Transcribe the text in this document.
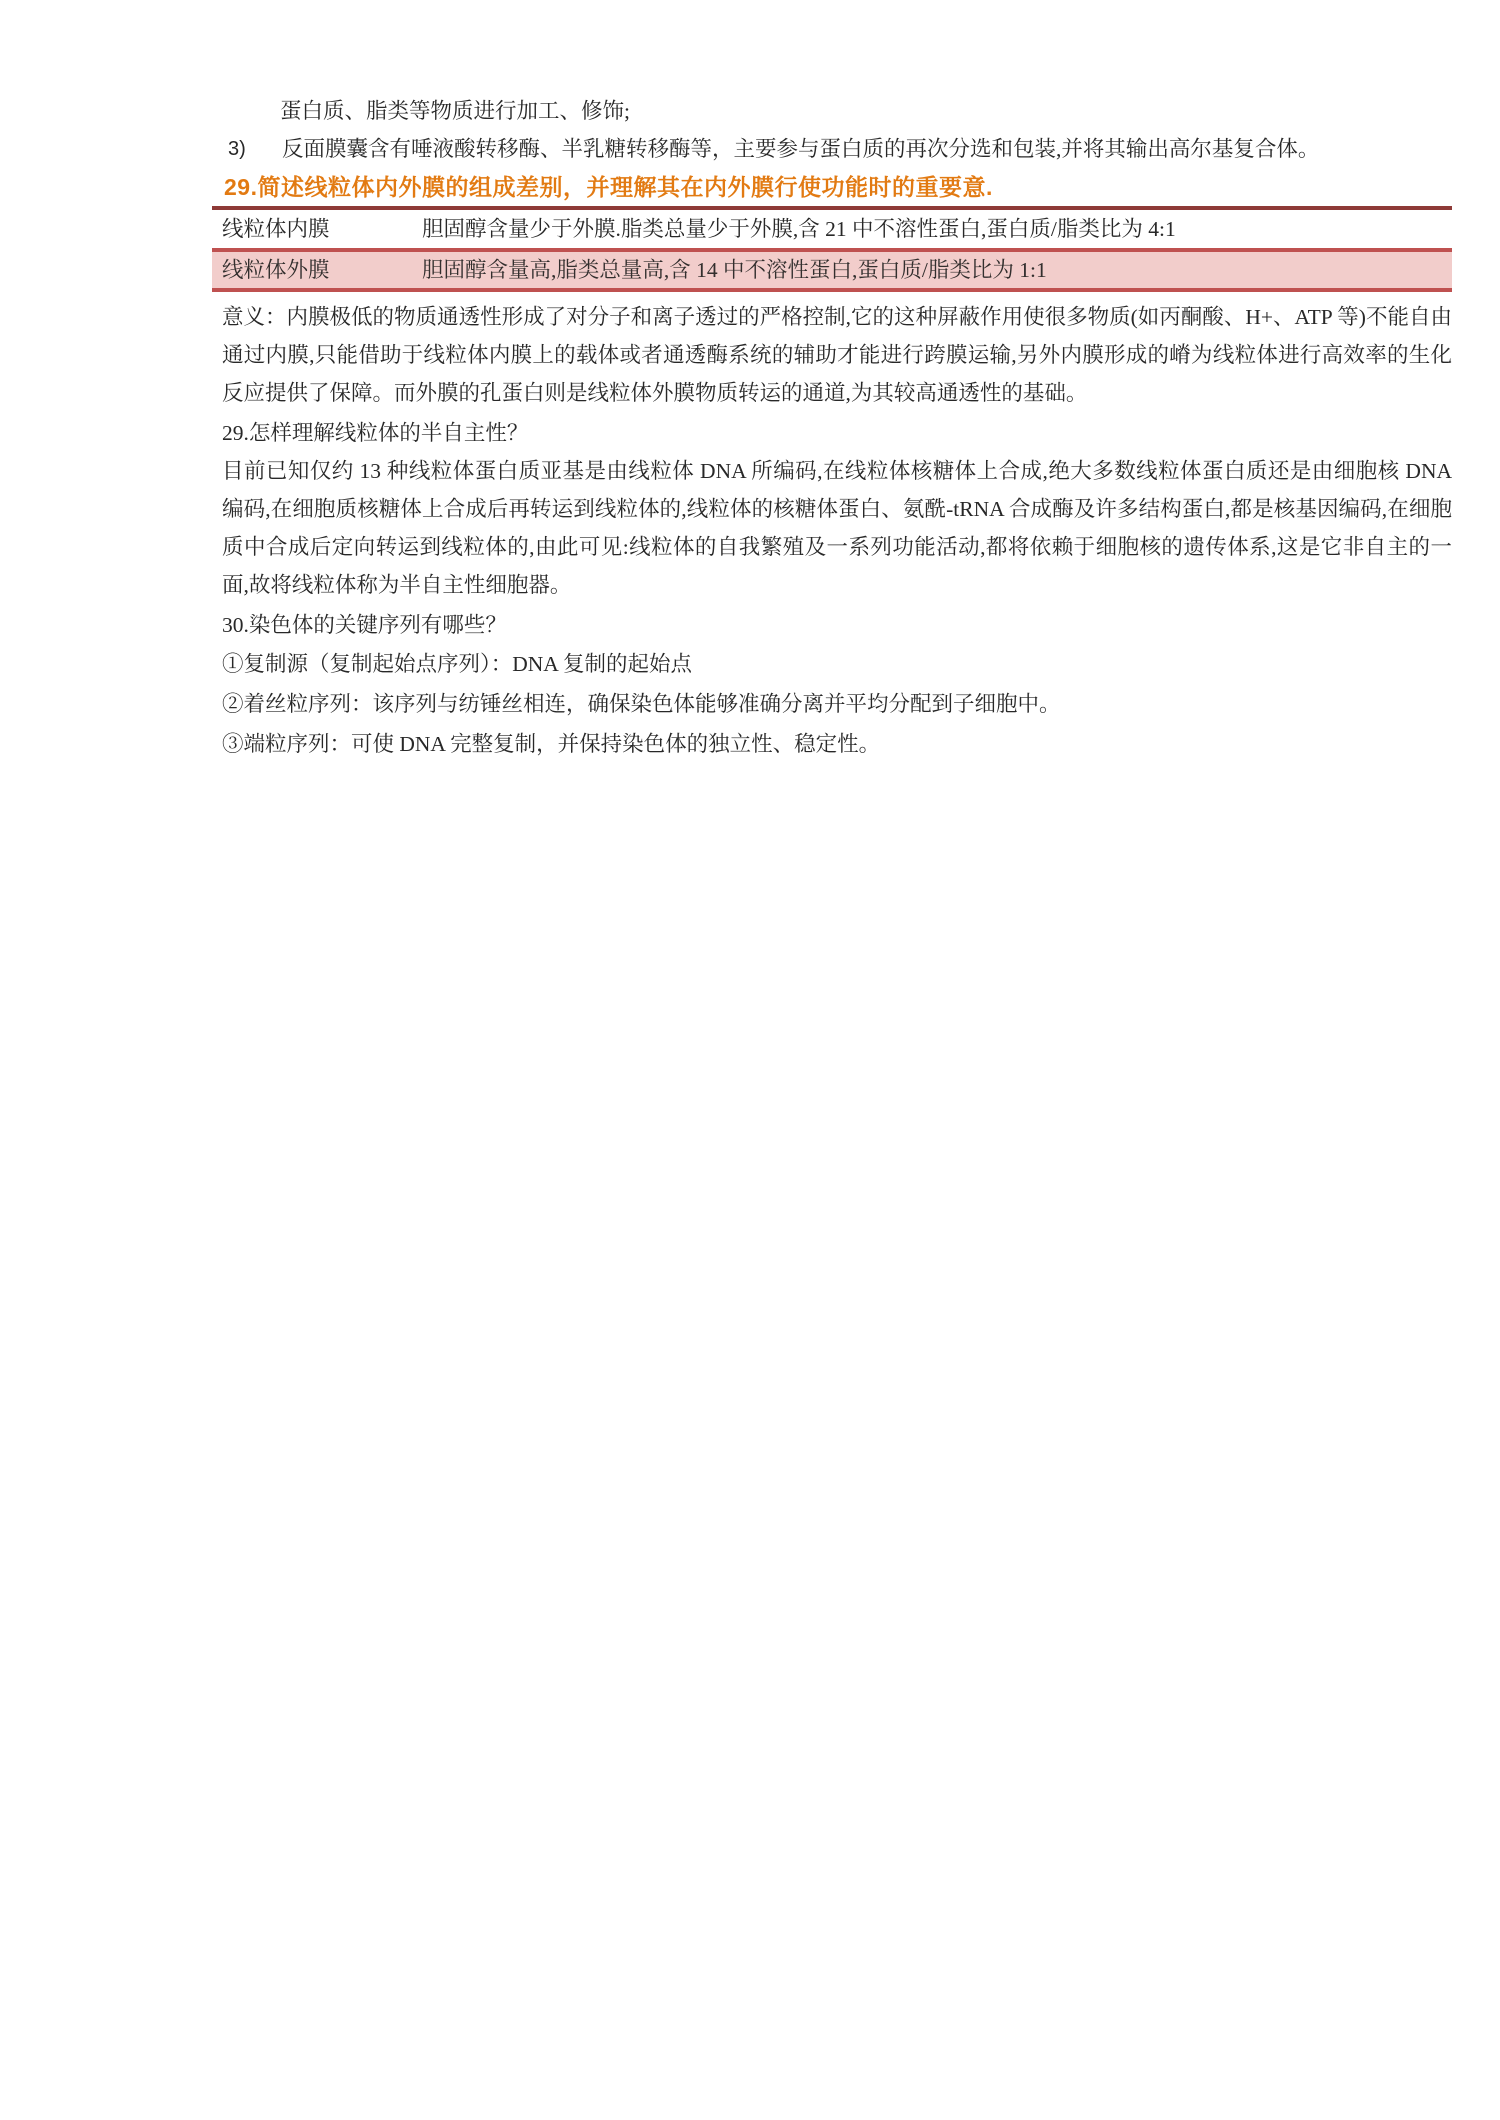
蛋白质、脂类等物质进行加工、修饰;

3)	反面膜囊含有唾液酸转移酶、半乳糖转移酶等，主要参与蛋白质的再次分选和包装,并将其输出高尔基复合体。

29.简述线粒体内外膜的组成差别，并理解其在内外膜行使功能时的重要意.

线粒体内膜	胆固醇含量少于外膜.脂类总量少于外膜,含 21 中不溶性蛋白,蛋白质/脂类比为 4:1
线粒体外膜	胆固醇含量高,脂类总量高,含 14 中不溶性蛋白,蛋白质/脂类比为 1:1

意义：内膜极低的物质通透性形成了对分子和离子透过的严格控制,它的这种屏蔽作用使很多物质(如丙酮酸、H+、ATP 等)不能自由通过内膜,只能借助于线粒体内膜上的载体或者通透酶系统的辅助才能进行跨膜运输,另外内膜形成的嵴为线粒体进行高效率的生化反应提供了保障。而外膜的孔蛋白则是线粒体外膜物质转运的通道,为其较高通透性的基础。

29.怎样理解线粒体的半自主性？

目前已知仅约 13 种线粒体蛋白质亚基是由线粒体 DNA 所编码,在线粒体核糖体上合成,绝大多数线粒体蛋白质还是由细胞核 DNA 编码,在细胞质核糖体上合成后再转运到线粒体的,线粒体的核糖体蛋白、氨酰-tRNA 合成酶及许多结构蛋白,都是核基因编码,在细胞质中合成后定向转运到线粒体的,由此可见:线粒体的自我繁殖及一系列功能活动,都将依赖于细胞核的遗传体系,这是它非自主的一面,故将线粒体称为半自主性细胞器。

30.染色体的关键序列有哪些？

①复制源（复制起始点序列）：DNA 复制的起始点

②着丝粒序列：该序列与纺锤丝相连，确保染色体能够准确分离并平均分配到子细胞中。

③端粒序列：可使 DNA 完整复制，并保持染色体的独立性、稳定性。
